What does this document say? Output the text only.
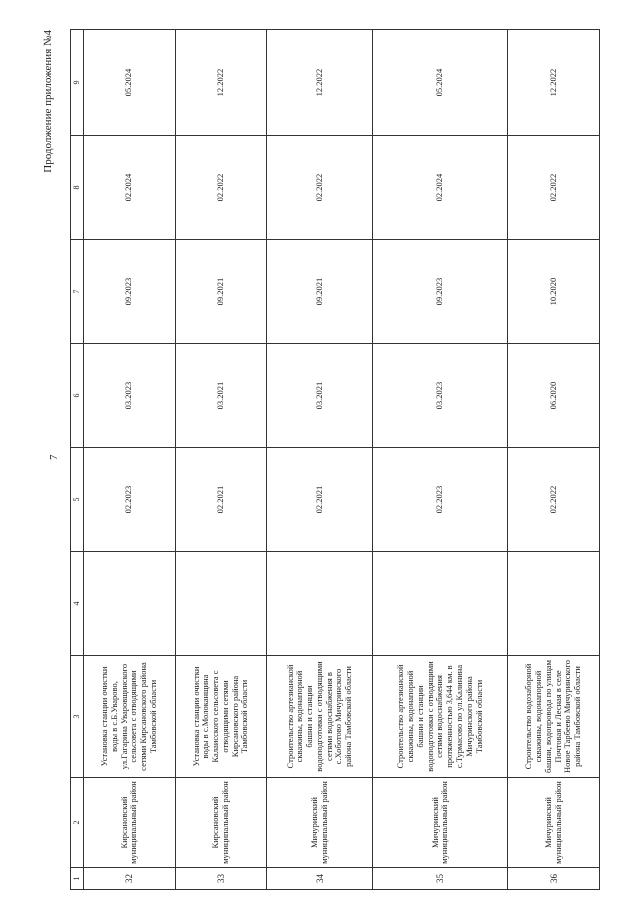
Продолжение приложения №4
7
1	2	3	4	5	6	7	8	9
32	Кирсановский муниципальный район	Установка станции очистки воды в с.Б.Уварово, ул.Гагарина Уваровщинского сельсовета с отводящими сетями Кирсановского района Тамбовской области		02.2023	03.2023	09.2023	02.2024	05.2024
33	Кирсановский муниципальный район	Установка станции очистки воды в с.Молоканщина Калаисского сельсовета с отводящими сетями Кирсановского района Тамбовской области		02.2021	03.2021	09.2021	02.2022	12.2022
34	Мичуринский муниципальный район	Строительство артезианской скважины, водонапорной башни и станции водоподготовки с отводящими сетями водоснабжения в с.Хоботово Мичуринского района Тамбовской области		02.2021	03.2021	09.2021	02.2022	12.2022
35	Мичуринский муниципальный район	Строительство артезианской скважины, водонапорной башни и станции водоподготовки с отводящими сетями водоснабжения протяженностью 3,644 км. в с.Турмасово по ул.Калинина Мичуринского района Тамбовской области		02.2023	03.2023	09.2023	02.2024	05.2024
36	Мичуринский муниципальный район	Строительство водозаборной скважины, водонапорной башни, водопровода по улицам Почтовая и Лесная в селе Новое Тарбеево Мичуринского района Тамбовской области		02.2022	06.2020	10.2020	02.2022	12.2022
